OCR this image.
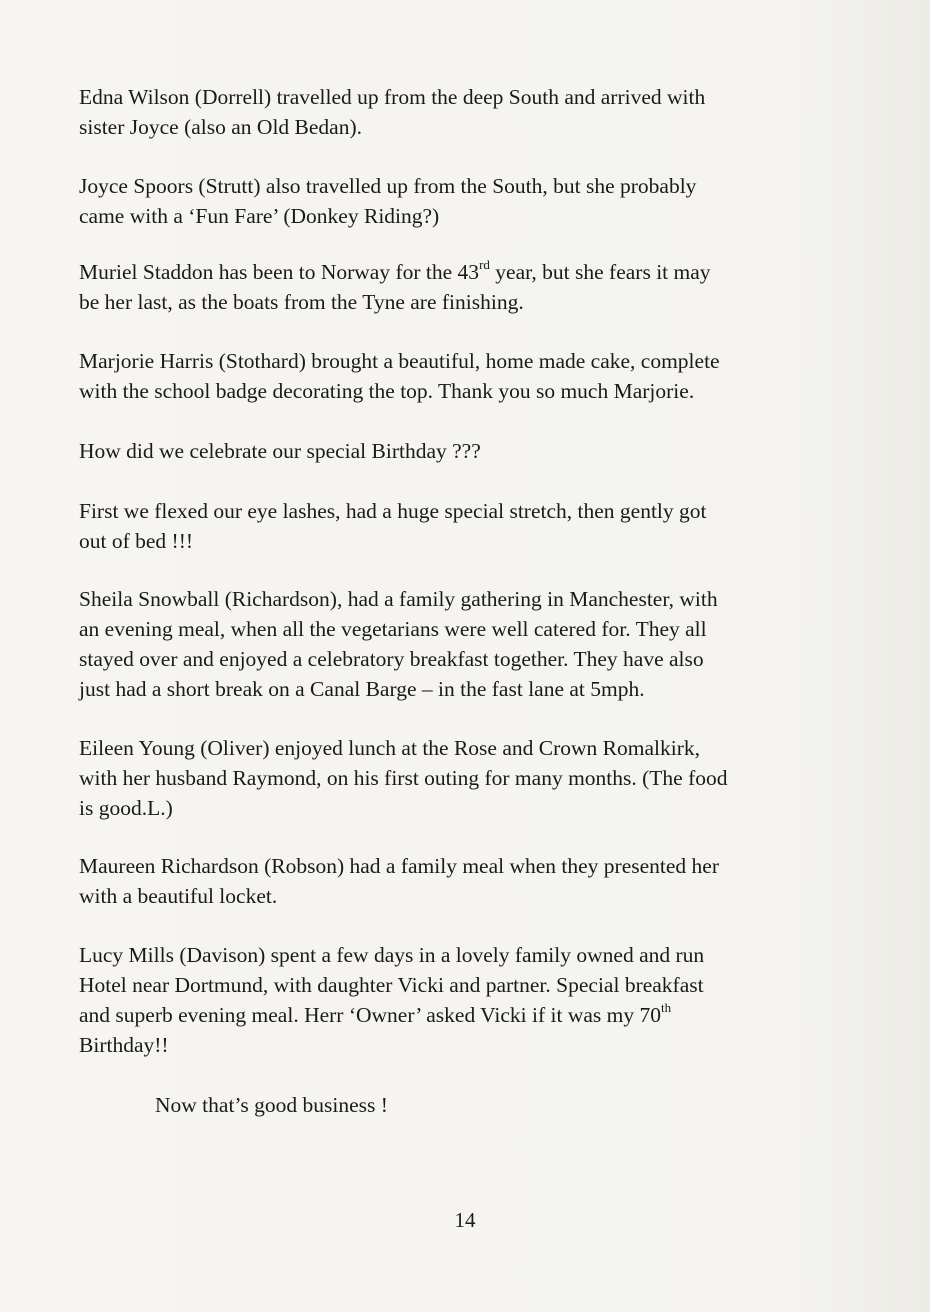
Edna Wilson (Dorrell) travelled up from the deep South and arrived with
sister Joyce (also an Old Bedan).

Joyce Spoors (Strutt) also travelled up from the South, but she probably
came with a ‘Fun Fare’ (Donkey Riding?)

Muriel Staddon has been to Norway for the 43rd year, but she fears it may
be her last, as the boats from the Tyne are finishing.

Marjorie Harris (Stothard) brought a beautiful, home made cake, complete
with the school badge decorating the top. Thank you so much Marjorie.

How did we celebrate our special Birthday ???

First we flexed our eye lashes, had a huge special stretch, then gently got
out of bed !!!

Sheila Snowball (Richardson), had a family gathering in Manchester, with
an evening meal, when all the vegetarians were well catered for. They all
stayed over and enjoyed a celebratory breakfast together. They have also
just had a short break on a Canal Barge – in the fast lane at 5mph.

Eileen Young (Oliver) enjoyed lunch at the Rose and Crown Romalkirk,
with her husband Raymond, on his first outing for many months. (The food
is good.L.)

Maureen Richardson (Robson) had a family meal when they presented her
with a beautiful locket.

Lucy Mills (Davison) spent a few days in a lovely family owned and run
Hotel near Dortmund, with daughter Vicki and partner. Special breakfast
and superb evening meal. Herr ‘Owner’ asked Vicki if it was my 70th
Birthday!!

Now that’s good business !

14
